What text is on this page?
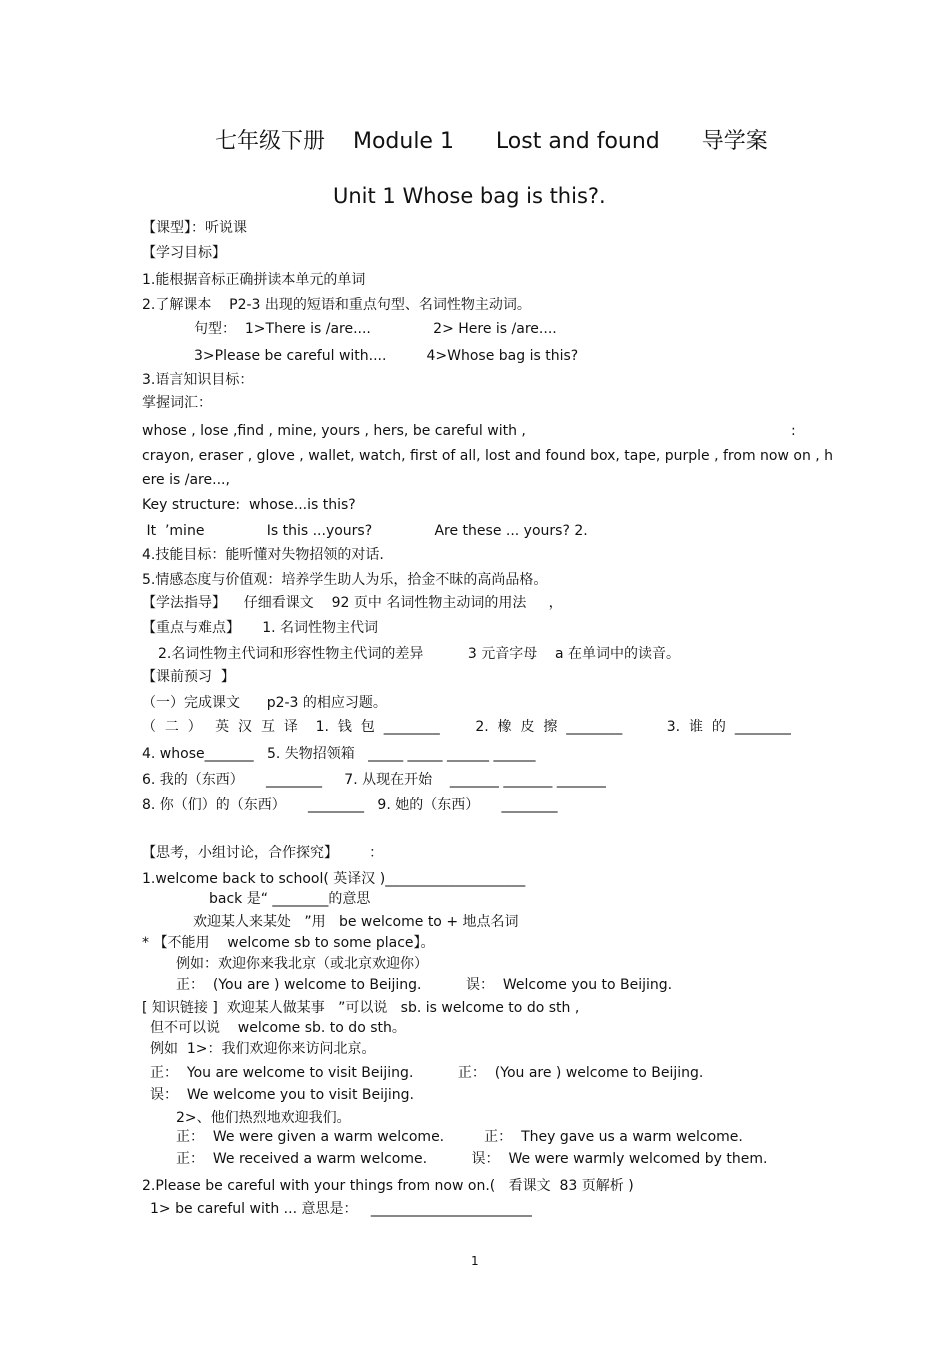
七年级下册    Module 1      Lost and found      导学案
Unit 1 Whose bag is this?.
【课型】：听说课
【学习目标】
1.能根据音标正确拼读本单元的单词
2.了解课本    P2-3 出现的短语和重点句型、名词性物主动词。
句型：  1>There is /are....              2> Here is /are....
3>Please be careful with....         4>Whose bag is this?
3.语言知识目标：
掌握词汇：
whose , lose ,find , mine, yours , hers, be careful with ,	:
crayon, eraser , glove , wallet, watch, first of all, lost and found box, tape, purple , from now on , h
ere is /are...,
Key structure:  whose...is this?
It  ’mine              Is this ...yours?              Are these ... yours? 2.
4.技能目标：能听懂对失物招领的对话.
5.情感态度与价值观：培养学生助人为乐，拾金不昧的高尚品格。
【学法指导】    仔细看课文    92 页中 名词性物主动词的用法     ，
【重点与难点】     1. 名词性物主代词
2.名词性物主代词和形容性物主代词的差异          3 元音字母    a 在单词中的读音。
【课前预习  】
（一）完成课文      p2-3 的相应习题。
（  二  ）   英  汉  互  译    1.  钱  包  ________        2.  橡  皮  擦  ________          3.  谁  的  ________
4. whose_______   5. 失物招领箱   _____ _____ ______ ______
6. 我的（东西）     ________     7. 从现在开始    _______ _______ _______
8. 你（们）的（东西）     ________   9. 她的（东西）     ________
【思考，小组讨论，合作探究】       ：
1.welcome back to school( 英译汉 )____________________
back 是“ ________的意思
欢迎某人来某处   ”用   be welcome to + 地点名词
* 【不能用    welcome sb to some place】。
例如：欢迎你来我北京（或北京欢迎你）
正：  (You are ) welcome to Beijing.          误：  Welcome you to Beijing.
[ 知识链接 ]  欢迎某人做某事   ”可以说   sb. is welcome to do sth ,
但不可以说    welcome sb. to do sth。
例如  1>：我们欢迎你来访问北京。
正：  You are welcome to visit Beijing.          正：  (You are ) welcome to Beijing.
误：  We welcome you to visit Beijing.
2>、他们热烈地欢迎我们。
正：  We were given a warm welcome.         正：  They gave us a warm welcome.
正：  We received a warm welcome.          误：  We were warmly welcomed by them.
2.Please be careful with your things from now on.(   看课文  83 页解析 )
1> be careful with ... 意思是：   _______________________
1
